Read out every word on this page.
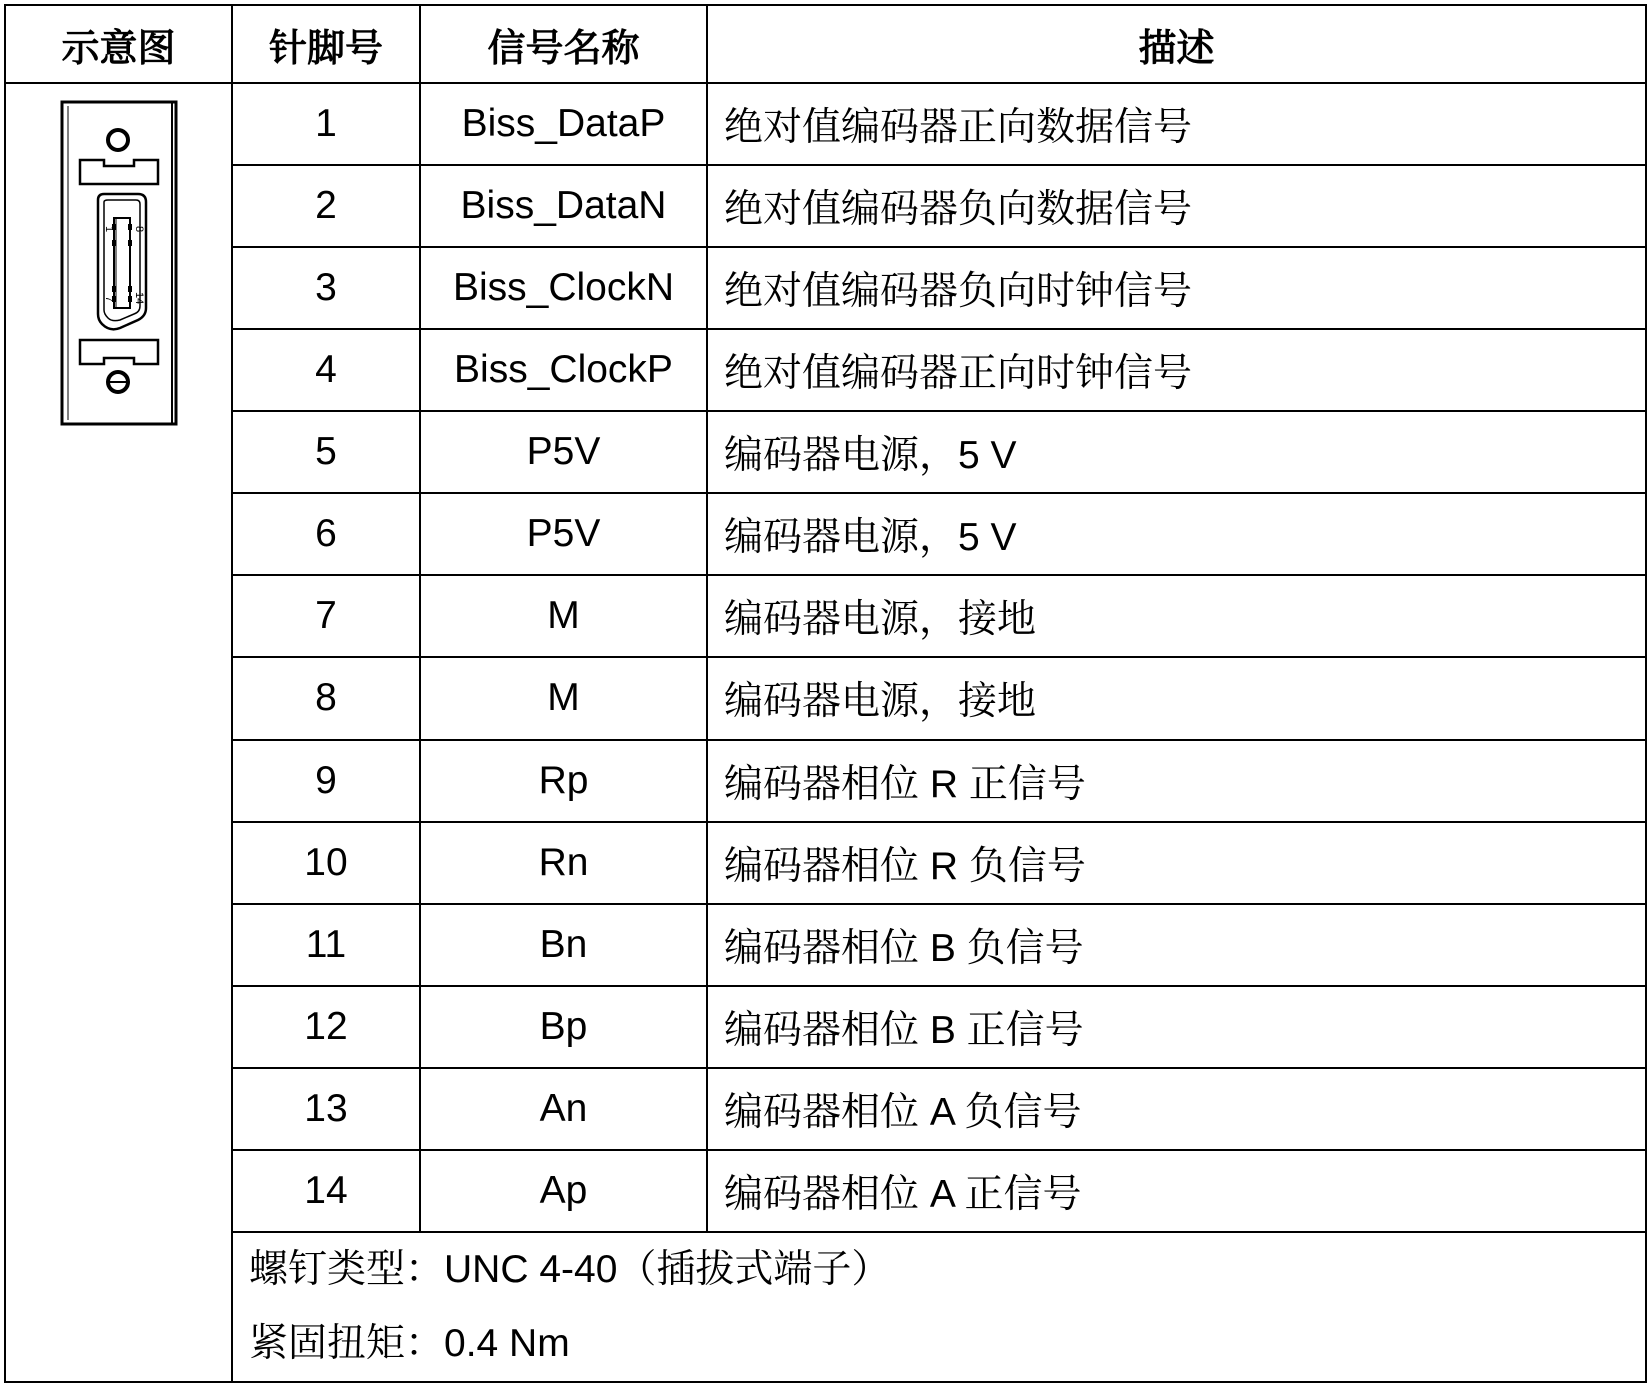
示意图	针脚号	信号名称	描述

1 8
7 14	1	Biss_DataP	绝对值编码器正向数据信号
	2	Biss_DataN	绝对值编码器负向数据信号
	3	Biss_ClockN	绝对值编码器负向时钟信号
	4	Biss_ClockP	绝对值编码器正向时钟信号
	5	P5V	编码器电源，5 V
	6	P5V	编码器电源，5 V
	7	M	编码器电源，接地
	8	M	编码器电源，接地
	9	Rp	编码器相位 R 正信号
	10	Rn	编码器相位 R 负信号
	11	Bn	编码器相位 B 负信号
	12	Bp	编码器相位 B 正信号
	13	An	编码器相位 A 负信号
	14	Ap	编码器相位 A 正信号

	螺钉类型：UNC 4-40（插拔式端子）
紧固扭矩：0.4 Nm		
